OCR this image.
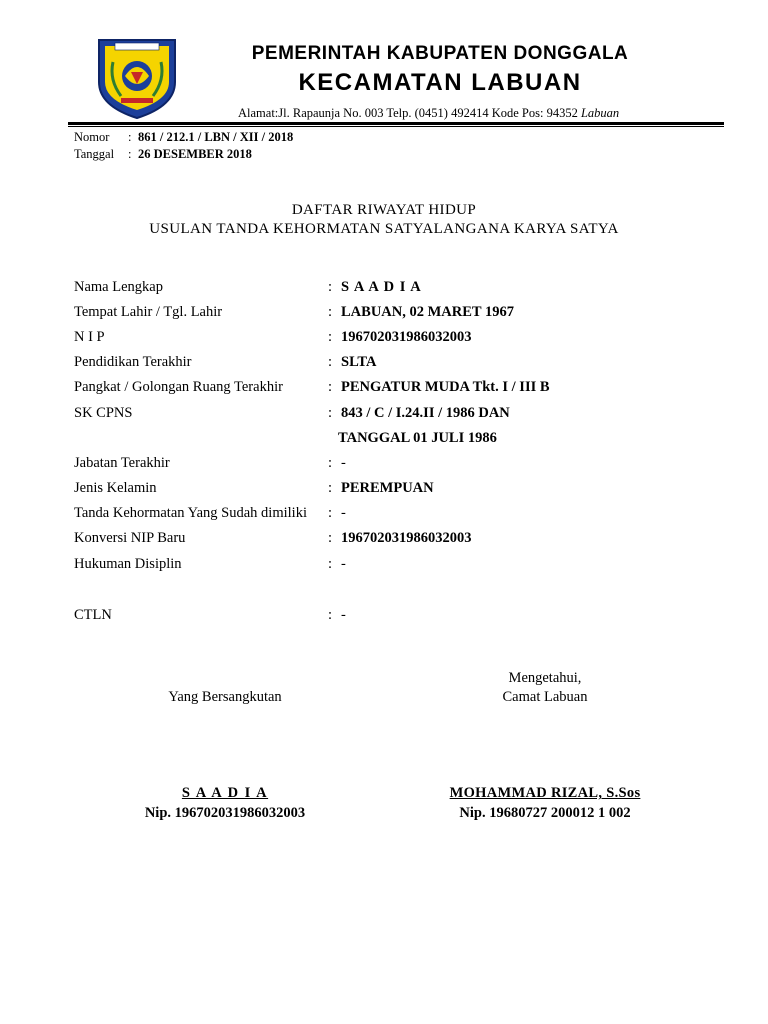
PEMERINTAH KABUPATEN DONGGALA
KECAMATAN LABUAN
Alamat:Jl. Rapaunja No. 003 Telp. (0451) 492414 Kode Pos: 94352 Labuan
Nomor : 861 / 212.1 / LBN / XII / 2018
Tanggal : 26 DESEMBER 2018
DAFTAR RIWAYAT HIDUP
USULAN TANDA KEHORMATAN SATYALANGANA KARYA SATYA
Nama Lengkap	: S A A D I A
Tempat Lahir / Tgl. Lahir	: LABUAN, 02 MARET 1967
N I P	: 196702031986032003
Pendidikan Terakhir	: SLTA
Pangkat / Golongan Ruang Terakhir	: PENGATUR MUDA Tkt. I / III B
SK CPNS	: 843 / C / I.24.II / 1986 DAN
TANGGAL 01 JULI 1986
Jabatan Terakhir	: -
Jenis Kelamin	: PEREMPUAN
Tanda Kehormatan Yang Sudah dimiliki : -
Konversi NIP Baru	: 196702031986032003
Hukuman Disiplin	: -
CTLN	: -
Mengetahui,
Yang Bersangkutan	Camat Labuan
S A A D I A	MOHAMMAD RIZAL, S.Sos
Nip. 196702031986032003	Nip. 19680727 200012 1 002
